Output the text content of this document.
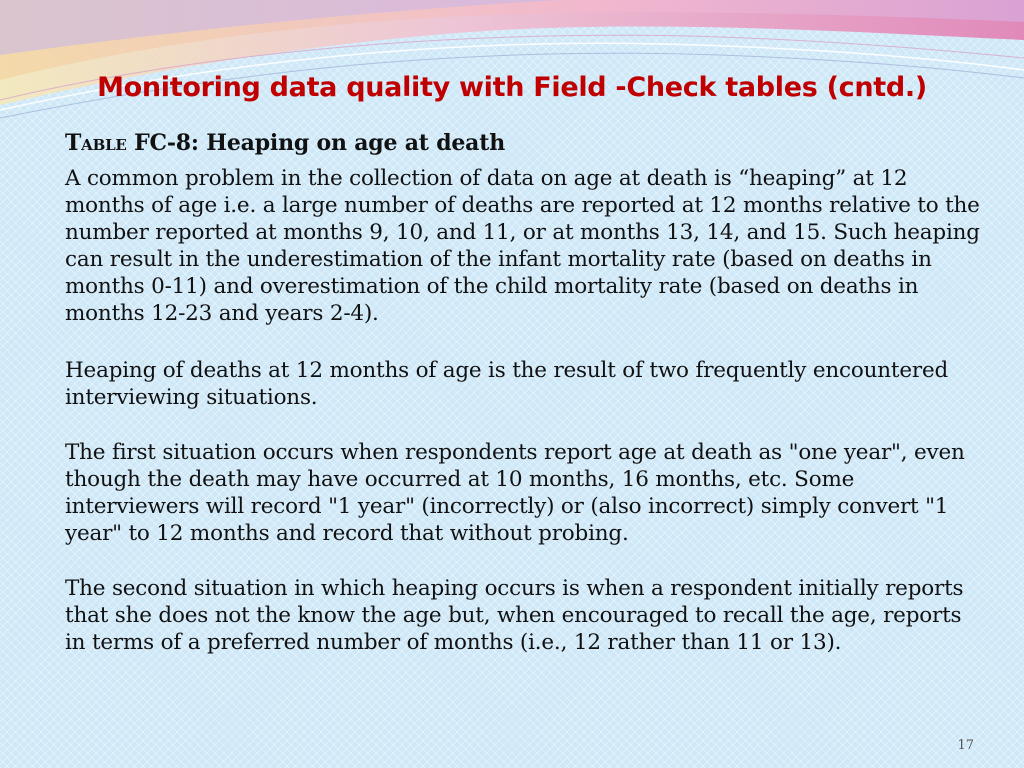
Monitoring data quality with Field -Check tables (cntd.)

Table FC-8: Heaping on age at death

A common problem in the collection of data on age at death is “heaping” at 12 months of age i.e. a large number of deaths are reported at 12 months relative to the number reported at months 9, 10, and 11, or at months 13, 14, and 15. Such heaping can result in the underestimation of the infant mortality rate (based on deaths in months 0-11) and overestimation of the child mortality rate (based on deaths in months 12-23 and years 2-4).

Heaping of deaths at 12 months of age is the result of two frequently encountered interviewing situations.

The first situation occurs when respondents report age at death as "one year", even though the death may have occurred at 10 months, 16 months, etc. Some interviewers will record "1 year" (incorrectly) or (also incorrect) simply convert "1 year" to 12 months and record that without probing.

The second situation in which heaping occurs is when a respondent initially reports that she does not the know the age but, when encouraged to recall the age, reports in terms of a preferred number of months (i.e., 12 rather than 11 or 13).

17
